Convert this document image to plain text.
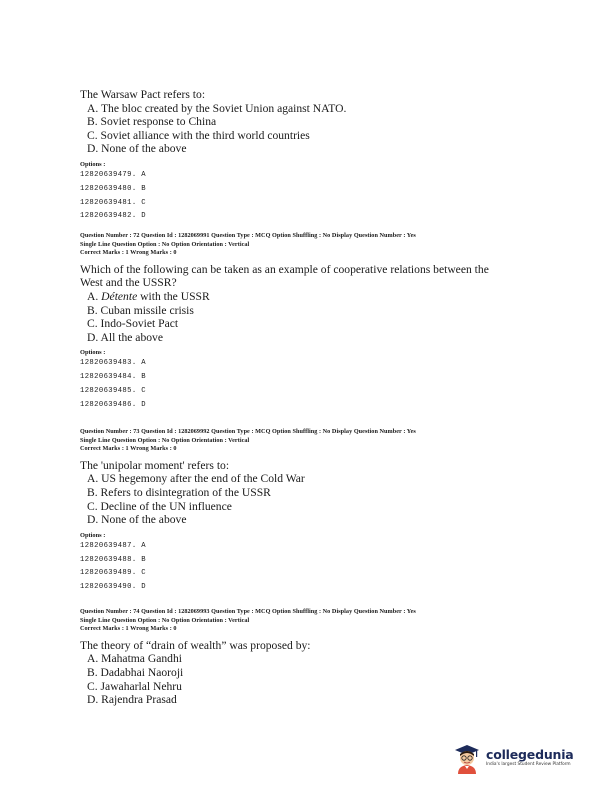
The Warsaw Pact refers to:
A. The bloc created by the Soviet Union against NATO.
B. Soviet response to China
C. Soviet alliance with the third world countries
D. None of the above
Options :
12820639479. A
12820639480. B
12820639481. C
12820639482. D
Question Number : 72 Question Id : 1282069991 Question Type : MCQ Option Shuffling : No Display Question Number : Yes
Single Line Question Option : No Option Orientation : Vertical
Correct Marks : 1 Wrong Marks : 0
Which of the following can be taken as an example of cooperative relations between the
West and the USSR?
A. Détente with the USSR
B. Cuban missile crisis
C. Indo-Soviet Pact
D. All the above
Options :
12820639483. A
12820639484. B
12820639485. C
12820639486. D
Question Number : 73 Question Id : 1282069992 Question Type : MCQ Option Shuffling : No Display Question Number : Yes
Single Line Question Option : No Option Orientation : Vertical
Correct Marks : 1 Wrong Marks : 0
The 'unipolar moment' refers to:
A. US hegemony after the end of the Cold War
B. Refers to disintegration of the USSR
C. Decline of the UN influence
D. None of the above
Options :
12820639487. A
12820639488. B
12820639489. C
12820639490. D
Question Number : 74 Question Id : 1282069993 Question Type : MCQ Option Shuffling : No Display Question Number : Yes
Single Line Question Option : No Option Orientation : Vertical
Correct Marks : 1 Wrong Marks : 0
The theory of “drain of wealth” was proposed by:
A. Mahatma Gandhi
B. Dadabhai Naoroji
C. Jawaharlal Nehru
D. Rajendra Prasad
collegedunia
India's largest Student Review Platform
